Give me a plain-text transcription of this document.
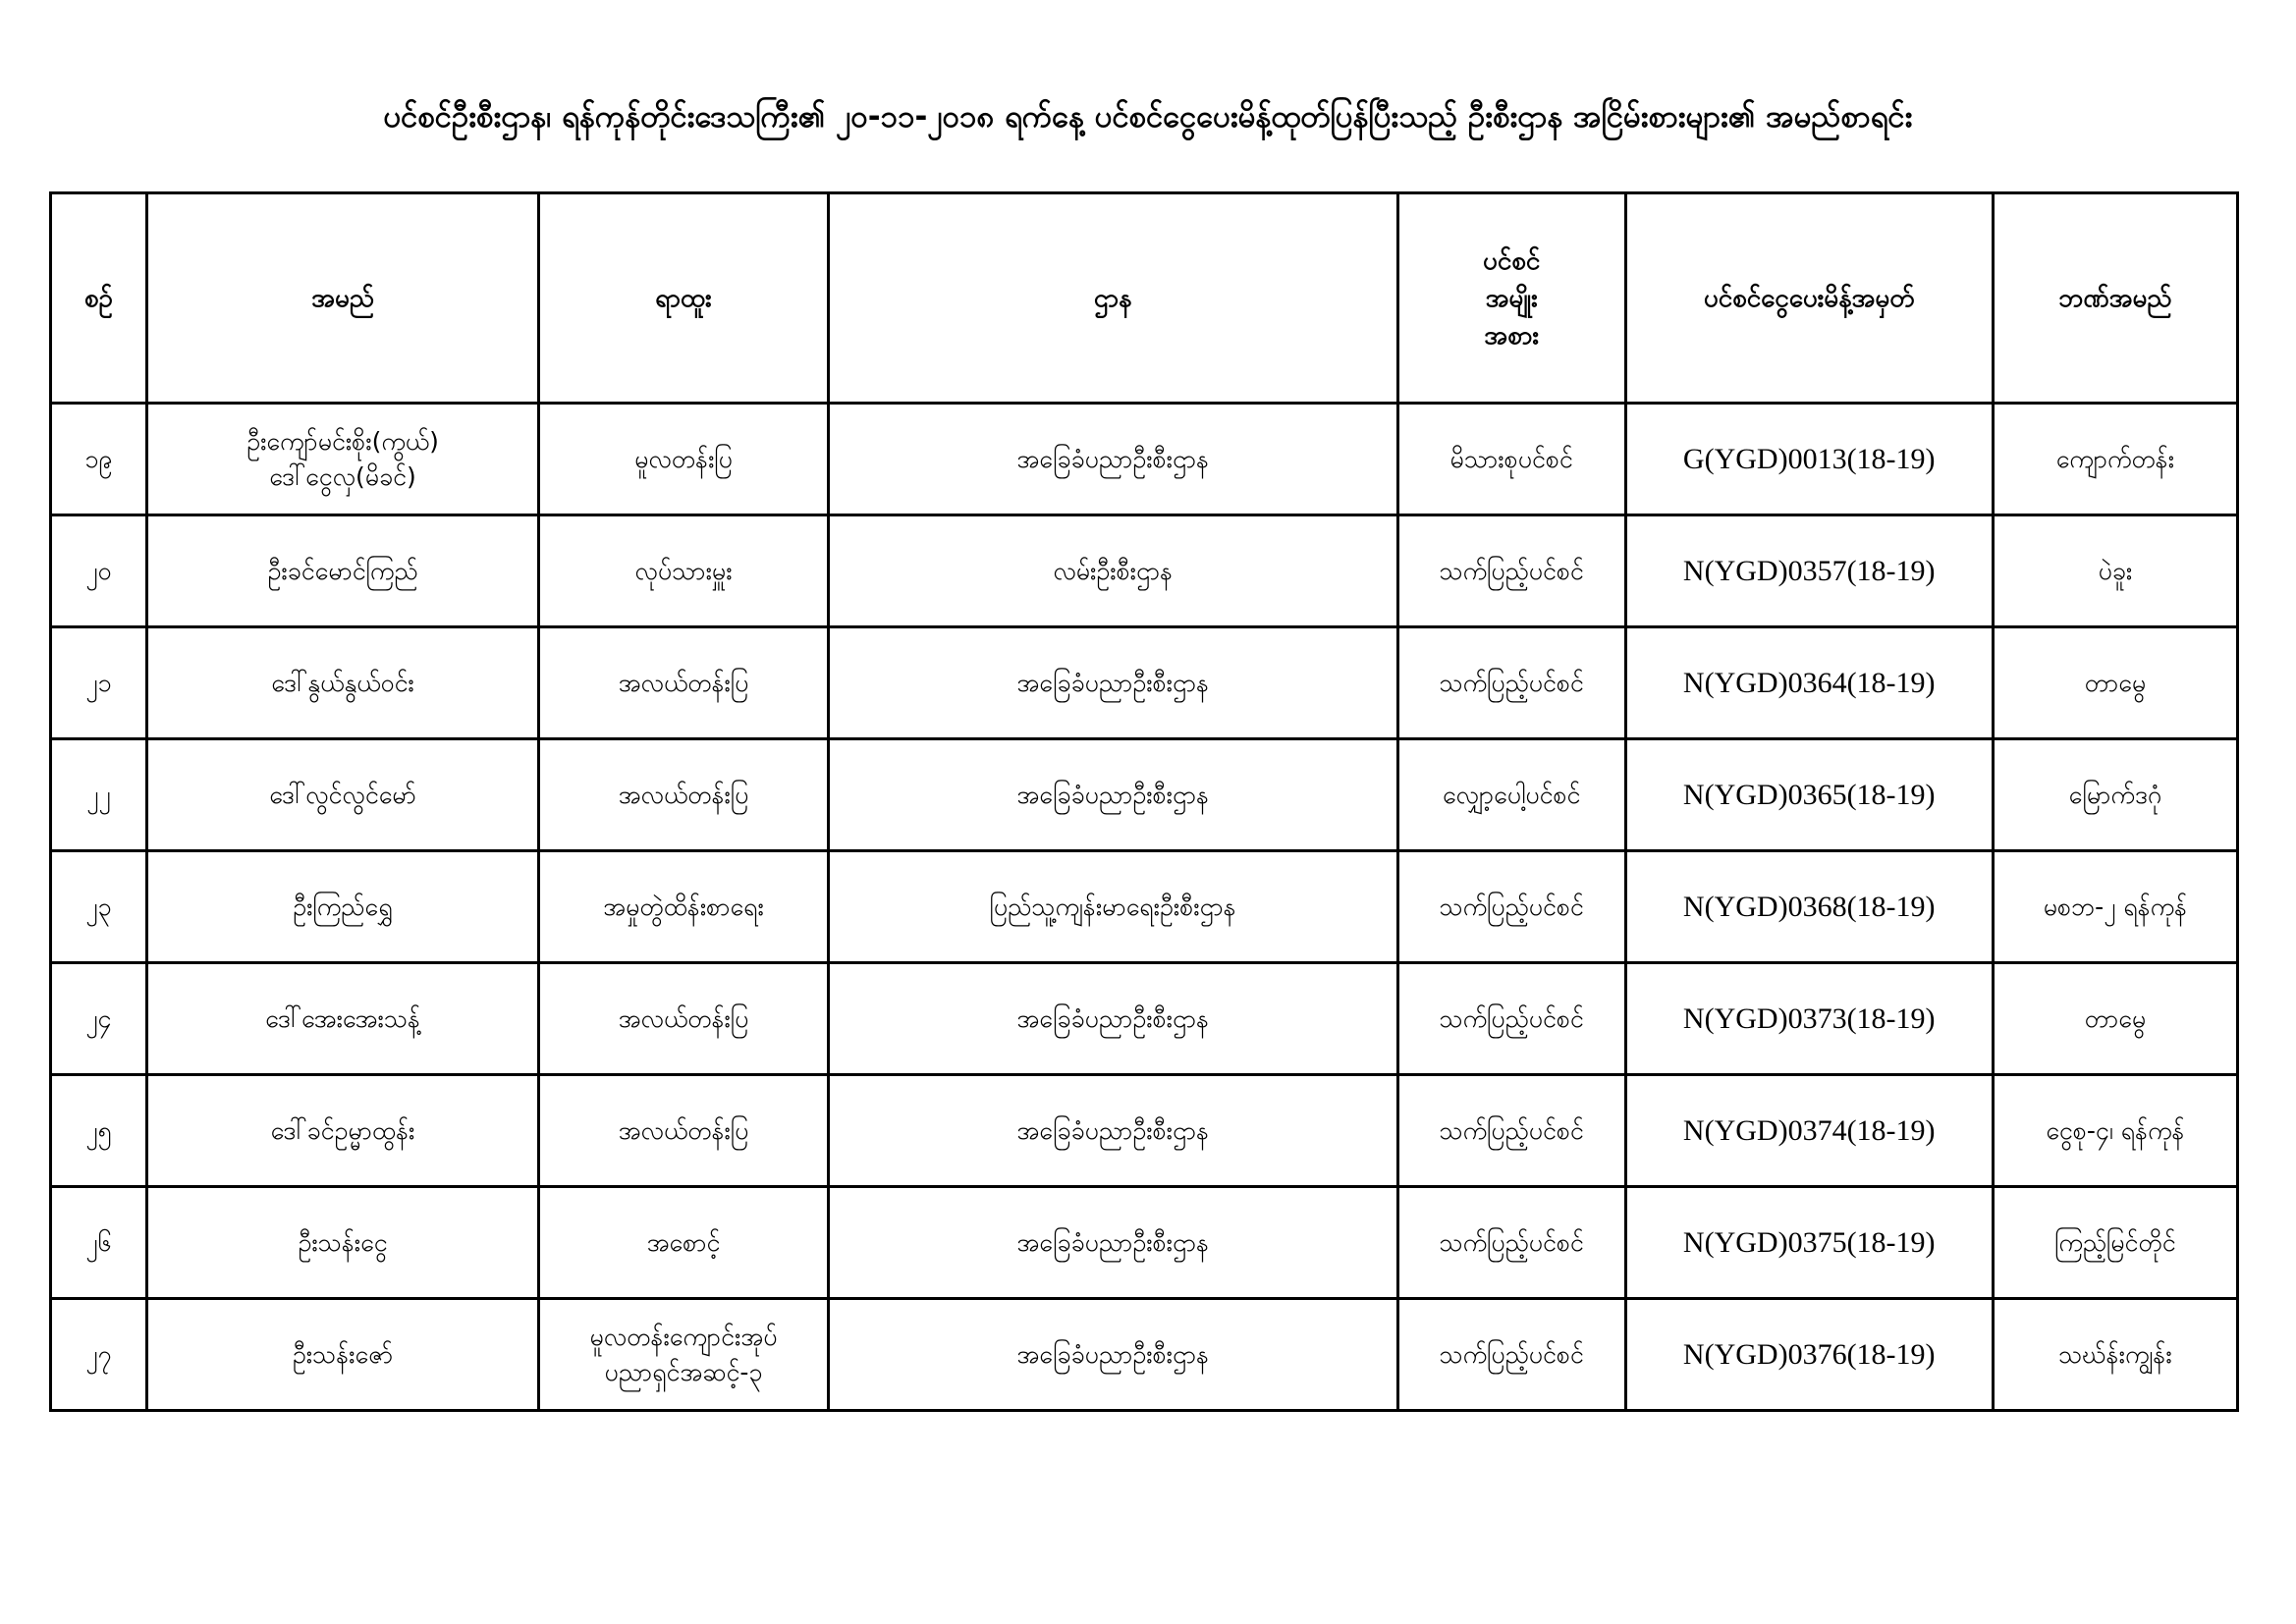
ပင်စင်ဦးစီးဌာန၊ ရန်ကုန်တိုင်းဒေသကြီး၏ ၂၀-၁၁-၂၀၁၈ ရက်နေ့ ပင်စင်ငွေပေးမိန့်ထုတ်ပြန်ပြီးသည့် ဦးစီးဌာန အငြိမ်းစားများ၏ အမည်စာရင်း
စဉ်	အမည်	ရာထူး	ဌာန	ပင်စင်
အမျိုး
အစား	ပင်စင်ငွေပေးမိန့်အမှတ်	ဘဏ်အမည်
၁၉	ဦးကျော်မင်းစိုး(ကွယ်)
ဒေါ်ငွေလှ(မိခင်)	မူလတန်းပြ	အခြေခံပညာဦးစီးဌာန	မိသားစုပင်စင်	G(YGD)0013(18-19)	ကျောက်တန်း
၂၀	ဦးခင်မောင်ကြည်	လုပ်သားမှူး	လမ်းဦးစီးဌာန	သက်ပြည့်ပင်စင်	N(YGD)0357(18-19)	ပဲခူး
၂၁	ဒေါ်နွယ်နွယ်ဝင်း	အလယ်တန်းပြ	အခြေခံပညာဦးစီးဌာန	သက်ပြည့်ပင်စင်	N(YGD)0364(18-19)	တာမွေ
၂၂	ဒေါ်လွင်လွင်မော်	အလယ်တန်းပြ	အခြေခံပညာဦးစီးဌာန	လျှော့ပေါ့ပင်စင်	N(YGD)0365(18-19)	မြောက်ဒဂုံ
၂၃	ဦးကြည်ရွှေ	အမှုတွဲထိန်းစာရေး	ပြည်သူ့ကျန်းမာရေးဦးစီးဌာန	သက်ပြည့်ပင်စင်	N(YGD)0368(18-19)	မစဘ-၂ ရန်ကုန်
၂၄	ဒေါ်အေးအေးသန့်	အလယ်တန်းပြ	အခြေခံပညာဦးစီးဌာန	သက်ပြည့်ပင်စင်	N(YGD)0373(18-19)	တာမွေ
၂၅	ဒေါ်ခင်ဥမ္မာထွန်း	အလယ်တန်းပြ	အခြေခံပညာဦးစီးဌာန	သက်ပြည့်ပင်စင်	N(YGD)0374(18-19)	ငွေစု-၄၊ ရန်ကုန်
၂၆	ဦးသန်းငွေ	အစောင့်	အခြေခံပညာဦးစီးဌာန	သက်ပြည့်ပင်စင်	N(YGD)0375(18-19)	ကြည့်မြင်တိုင်
၂၇	ဦးသန်းဇော်	မူလတန်းကျောင်းအုပ်
ပညာရှင်အဆင့်-၃	အခြေခံပညာဦးစီးဌာန	သက်ပြည့်ပင်စင်	N(YGD)0376(18-19)	သဃ်န်းကျွန်း
